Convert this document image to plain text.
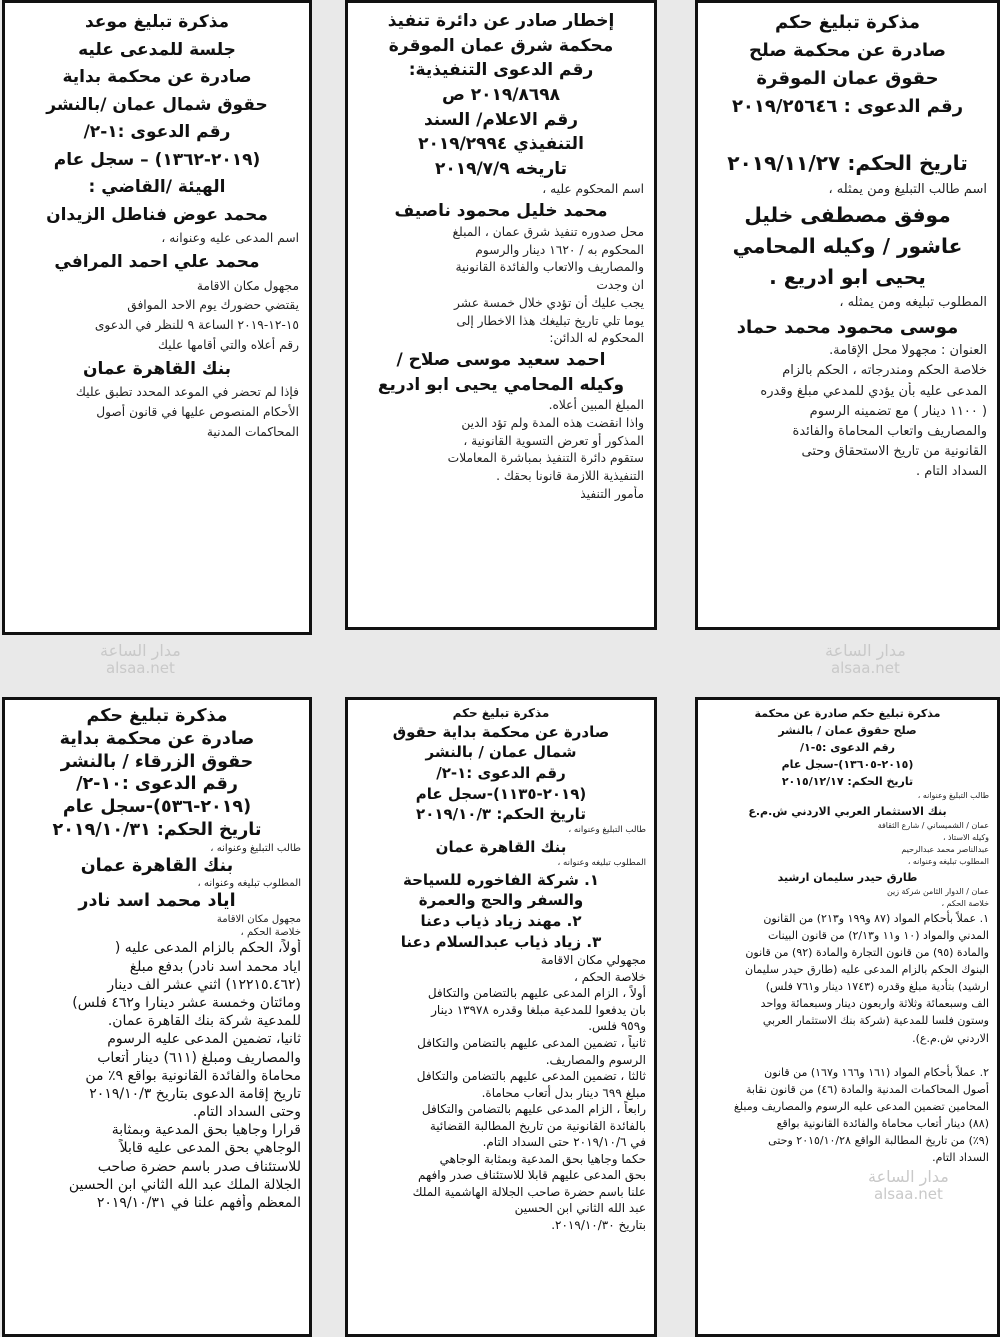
مذكرة تبليغ حكم
صادرة عن محكمة صلح
حقوق عمان الموقرة
رقم الدعوى : ٢٠١٩/٢٥٦٤٦

تاريخ الحكم: ٢٠١٩/١١/٢٧
اسم طالب التبليغ ومن يمثله ،
موفق مصطفى خليل
عاشور / وكيله المحامي
يحيى ابو ادريع .
المطلوب تبليغه ومن يمثله ،
موسى محمود محمد حماد
العنوان : مجهولا محل الإقامة.
خلاصة الحكم ومندرجاته ، الحكم بالزام
المدعى عليه بأن يؤدي للمدعي مبلغ وقدره
( ١١٠٠ دينار ) مع تضمينه الرسوم
والمصاريف واتعاب المحاماة والفائدة
القانونية من تاريخ الاستحقاق وحتى
السداد التام .
إخطار صادر عن دائرة تنفيذ
محكمة شرق عمان الموقرة
رقم الدعوى التنفيذية:
٢٠١٩/٨٦٩٨ ص
رقم الاعلام/ السند
التنفيذي ٢٠١٩/٢٩٩٤
تاريخه ٢٠١٩/٧/٩
اسم المحكوم عليه ،
محمد خليل محمود ناصيف
محل صدوره تنفيذ شرق عمان ، المبلغ
المحكوم به / ١٦٢٠ دينار والرسوم
والمصاريف والاتعاب والفائدة القانونية
ان وجدت
يجب عليك أن تؤدي خلال خمسة عشر
يوما تلي تاريخ تبليغك هذا الاخطار إلى
المحكوم له الدائن:
احمد سعيد موسى صلاح /
وكيله المحامي يحيى ابو ادريع
المبلغ المبين أعلاه.
واذا انقضت هذه المدة ولم تؤد الدين
المذكور أو تعرض التسوية القانونية ،
ستقوم دائرة التنفيذ بمباشرة المعاملات
التنفيذية اللازمة قانونا بحقك .
مأمور التنفيذ
مذكرة تبليغ موعد
جلسة للمدعى عليه
صادرة عن محكمة بداية
حقوق شمال عمان /بالنشر
رقم الدعوى :١-٢/
(٢٠١٩-١٣٦٢) – سجل عام
الهيئة /القاضي :
محمد عوض فناطل الزيدان
اسم المدعى عليه وعنوانه ،
محمد علي احمد المرافي
مجهول مكان الاقامة
يقتضي حضورك يوم الاحد الموافق
١٥-١٢-٢٠١٩ الساعة ٩ للنظر في الدعوى
رقم أعلاه والتي أقامها عليك
بنك القاهرة عمان
فإذا لم تحضر في الموعد المحدد تطبق عليك
الأحكام المنصوص عليها في قانون أصول
المحاكمات المدنية
مذكرة تبليغ حكم صادرة عن محكمة
صلح حقوق عمان / بالنشر
رقم الدعوى :٥-١/
(٢٠١٥-١٣٦٠٥)-سجل عام
تاريخ الحكم: ٢٠١٥/١٢/١٧
طالب التبليغ وعنوانه ،
بنك الاستثمار العربي الاردني ش.م.ع
عمان / الشميساني / شارع الثقافة
وكيله الاستاذ ،
عبدالناصر محمد عبدالرحيم
المطلوب تبليغه وعنوانه ،
طارق حيدر سليمان ارشيد
عمان / الدوار الثامن شركة زين
خلاصة الحكم ،
١. عملاً بأحكام المواد (٨٧ و١٩٩ و٢١٣) من القانون
المدني والمواد (١٠ و١١ و٢/١٣) من قانون البينات
والمادة (٩٥) من قانون التجارة والمادة (٩٢) من قانون
البنوك الحكم بالزام المدعى عليه (طارق حيدر سليمان
ارشيد) بتأدية مبلغ وقدره (١٧٤٣ دينار و٧٦١ فلس)
الف وسبعمائة وثلاثة واربعون دينار وسبعمائة وواحد
وستون فلسا للمدعية (شركة بنك الاستثمار العربي
الاردني ش.م.ع).

٢. عملاً بأحكام المواد (١٦١ و١٦٦ و١٦٧) من قانون
أصول المحاكمات المدنية والمادة (٤٦) من قانون نقابة
المحامين تضمين المدعى عليه الرسوم والمصاريف ومبلغ
(٨٨) دينار أتعاب محاماة والفائدة القانونية بواقع
(٩٪) من تاريخ المطالبة الواقع ٢٠١٥/١٠/٢٨ وحتى
السداد التام.
مذكرة تبليغ حكم
صادرة عن محكمة بداية حقوق
شمال عمان / بالنشر
رقم الدعوى :١-٢/
(٢٠١٩-١١٣٥)-سجل عام
تاريخ الحكم: ٢٠١٩/١٠/٣
طالب التبليغ وعنوانه ،
بنك القاهرة عمان
المطلوب تبليغه وعنوانه ،
١. شركة الفاخوره للسياحة
والسفر والحج والعمرة
٢. مهند زياد ذياب دعنا
٣. زياد ذياب عبدالسلام دعنا
مجهولي مكان الاقامة
خلاصة الحكم ،
أولاً ، الزام المدعى عليهم بالتضامن والتكافل
بان يدفعوا للمدعية مبلغا وقدره ١٣٩٧٨ دينار
و٩٥٩ فلس.
ثانياً ، تضمين المدعى عليهم بالتضامن والتكافل
الرسوم والمصاريف.
ثالثا ، تضمين المدعى عليهم بالتضامن والتكافل
مبلغ ٦٩٩ دينار بدل أتعاب محاماة.
رابعاً ، الزام المدعى عليهم بالتضامن والتكافل
بالفائدة القانونية من تاريخ المطالبة القضائية
في ٢٠١٩/١٠/٦ حتى السداد التام.
حكما وجاهيا بحق المدعية وبمثابة الوجاهي
بحق المدعى عليهم قابلا للاستئناف صدر وافهم
علنا باسم حضرة صاحب الجلالة الهاشمية الملك
عبد الله الثاني ابن الحسين
بتاريخ ٢٠١٩/١٠/٣٠.
مذكرة تبليغ حكم
صادرة عن محكمة بداية
حقوق الزرقاء / بالنشر
رقم الدعوى :١٠-٢/
(٢٠١٩-٥٣٦)-سجل عام
تاريخ الحكم: ٢٠١٩/١٠/٣١
طالب التبليغ وعنوانه ،
بنك القاهرة عمان
المطلوب تبليغه وعنوانه ،
اياد محمد اسد نادر
مجهول مكان الاقامة
خلاصة الحكم ،
أولاً، الحكم بالزام المدعى عليه (
اياد محمد اسد نادر) بدفع مبلغ
(١٢٢١٥.٤٦٢) اثني عشر الف دينار
ومائتان وخمسة عشر دينارا و٤٦٢ فلس)
للمدعية شركة بنك القاهرة عمان.
ثانيا، تضمين المدعى عليه الرسوم
والمصاريف ومبلغ (٦١١) دينار أتعاب
محاماة والفائدة القانونية بواقع ٩٪ من
تاريخ إقامة الدعوى بتاريخ ٢٠١٩/١٠/٣
وحتى السداد التام.
قرارا وجاهيا بحق المدعية وبمثابة
الوجاهي بحق المدعى عليه قابلاً
للاستئناف صدر باسم حضرة صاحب
الجلالة الملك عبد الله الثاني ابن الحسين
المعظم وأفهم علنا في ٢٠١٩/١٠/٣١
مدار الساعة
alsaa.net
مدار الساعة
alsaa.net
مدار الساعة
alsaa.net
